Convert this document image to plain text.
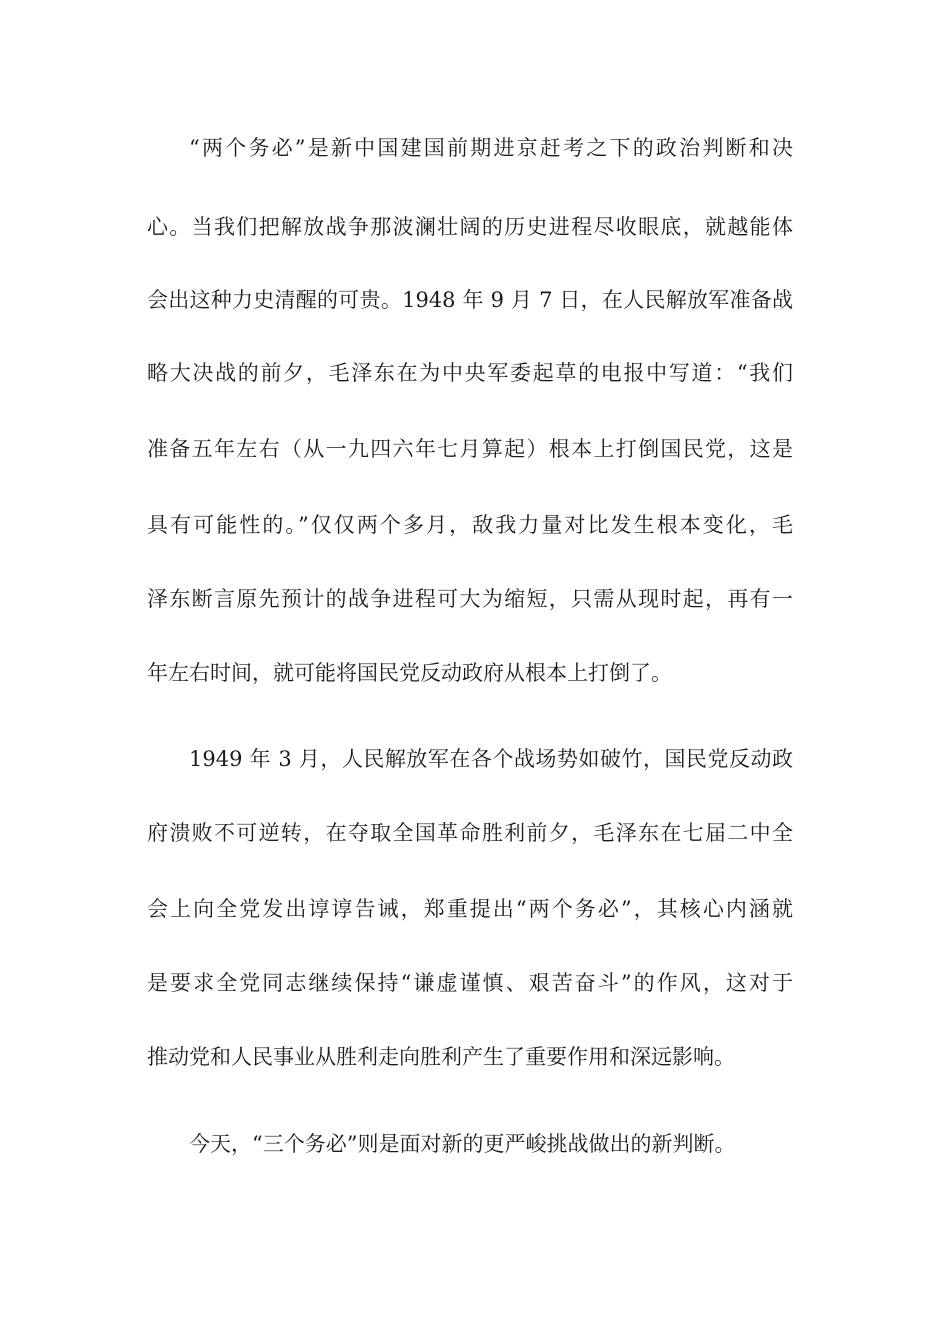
“两个务必”是新中国建国前期进京赶考之下的政治判断和决

心。当我们把解放战争那波澜壮阔的历史进程尽收眼底，就越能体

会出这种力史清醒的可贵。1948 年 9 月 7 日，在人民解放军准备战

略大决战的前夕，毛泽东在为中央军委起草的电报中写道：“我们

准备五年左右（从一九四六年七月算起）根本上打倒国民党，这是

具有可能性的。”仅仅两个多月，敌我力量对比发生根本变化，毛

泽东断言原先预计的战争进程可大为缩短，只需从现时起，再有一

年左右时间，就可能将国民党反动政府从根本上打倒了。

1949 年 3 月，人民解放军在各个战场势如破竹，国民党反动政

府溃败不可逆转，在夺取全国革命胜利前夕，毛泽东在七届二中全

会上向全党发出谆谆告诫，郑重提出“两个务必”，其核心内涵就

是要求全党同志继续保持“谦虚谨慎、艰苦奋斗”的作风，这对于

推动党和人民事业从胜利走向胜利产生了重要作用和深远影响。

今天，“三个务必”则是面对新的更严峻挑战做出的新判断。
